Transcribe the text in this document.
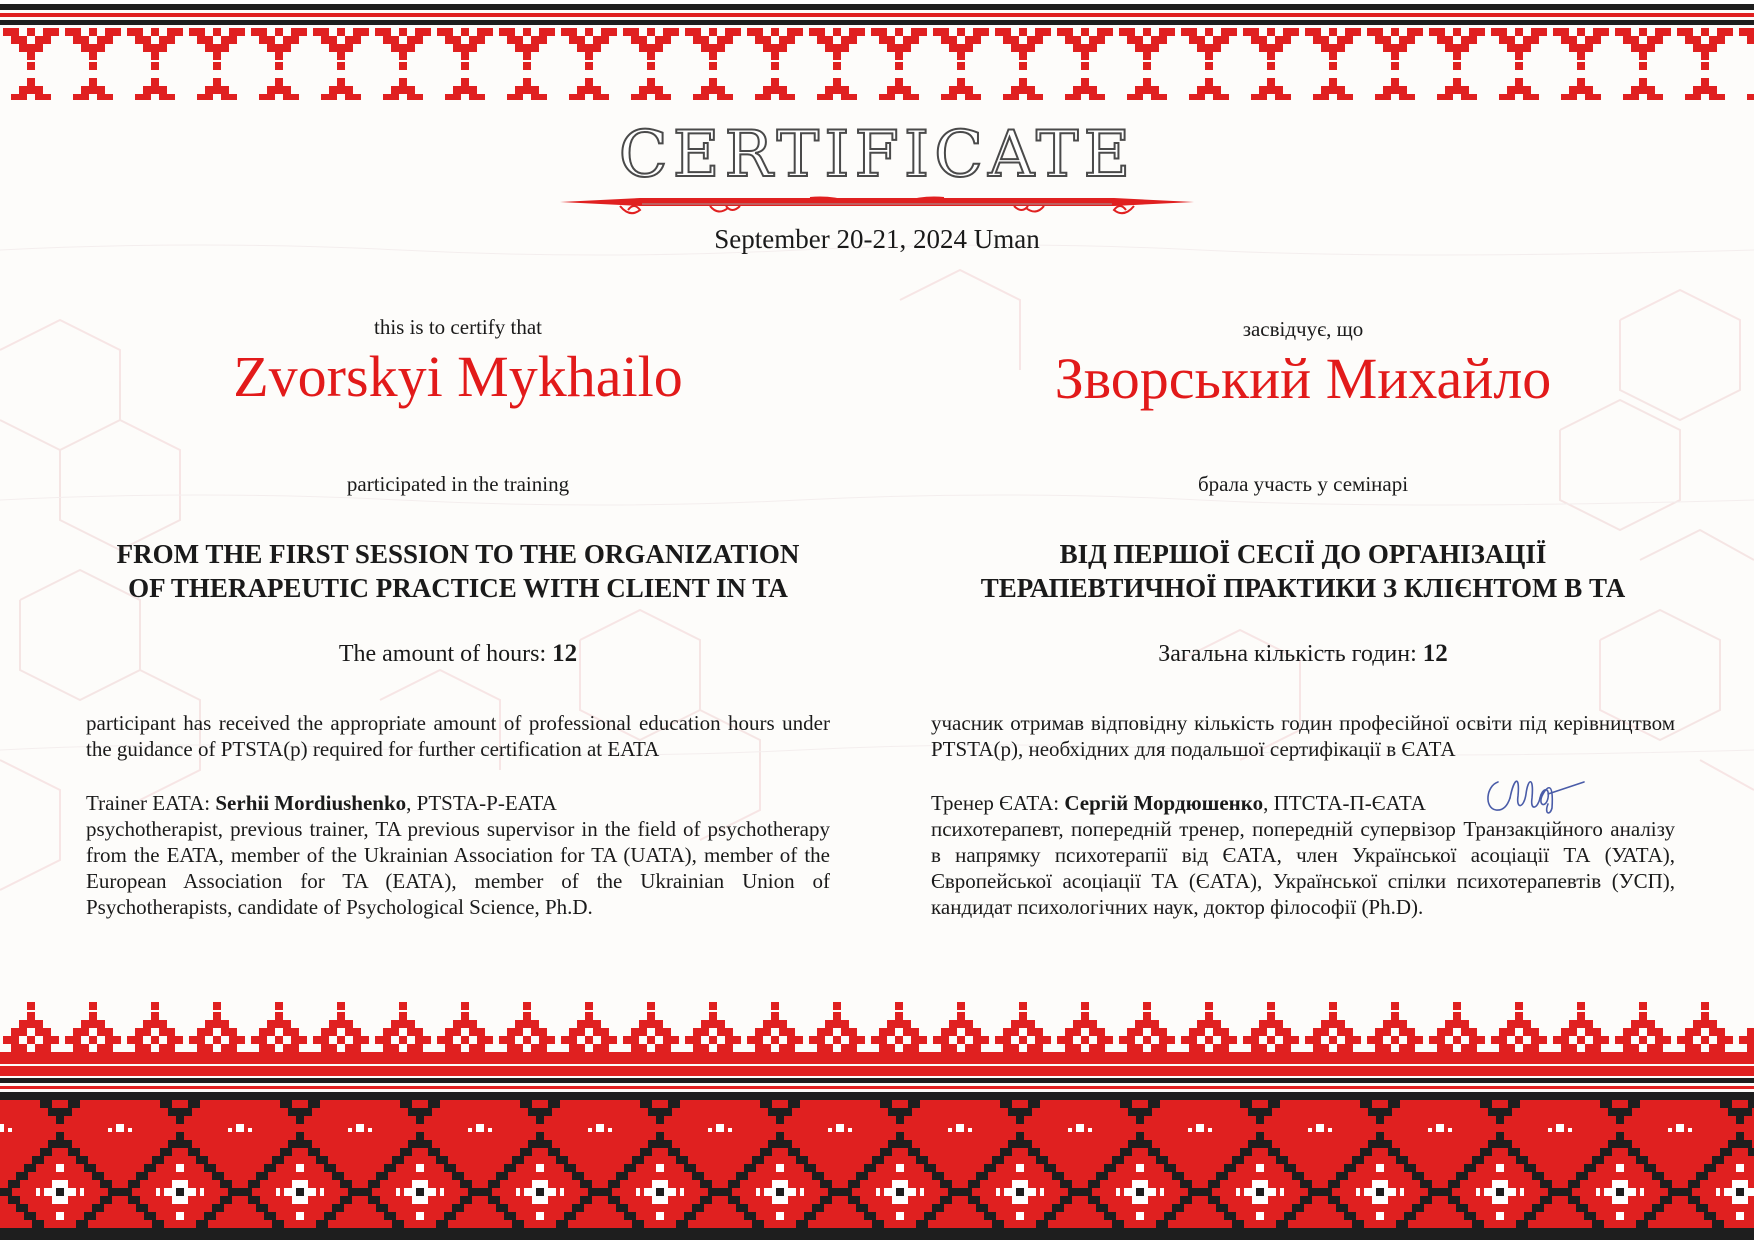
CERTIFICATE
September 20-21, 2024 Uman
this is to certify that
Zvorskyi Mykhailo
participated in the training
FROM THE FIRST SESSION TO THE ORGANIZATION
OF THERAPEUTIC PRACTICE WITH CLIENT IN TA
The amount of hours: 12
participant has received the appropriate amount of professional education hours under the guidance of PTSTA(p) required for further certification at EATA
Trainer EATA: Serhii Mordiushenko, PTSTA-P-EATA
psychotherapist, previous trainer, TA previous supervisor in the field of psychotherapy from the EATA, member of the Ukrainian Association for TA (UATA), member of the European Association for TA (EATA), member of the Ukrainian Union of Psychotherapists, candidate of Psychological Science, Ph.D.
засвідчує, що
Зворський Михайло
брала участь у семінарі
ВІД ПЕРШОЇ СЕСІЇ ДО ОРГАНІЗАЦІЇ
ТЕРАПЕВТИЧНОЇ ПРАКТИКИ З КЛІЄНТОМ В ТА
Загальна кількість годин: 12
учасник отримав відповідну кількість годин професійної освіти під керівництвом PTSTA(p), необхідних для подальшої сертифікації в ЄАТА
Тренер ЄАТА: Сергій Мордюшенко, ПТСТА-П-ЄАТА
психотерапевт, попередній тренер, попередній супервізор Транзакційного аналізу в напрямку психотерапії від ЄАТА, член Української асоціації ТА (УАТА), Європейської асоціації ТА (ЄАТА), Української спілки психотерапевтів (УСП), кандидат психологічних наук, доктор філософії (Ph.D).
